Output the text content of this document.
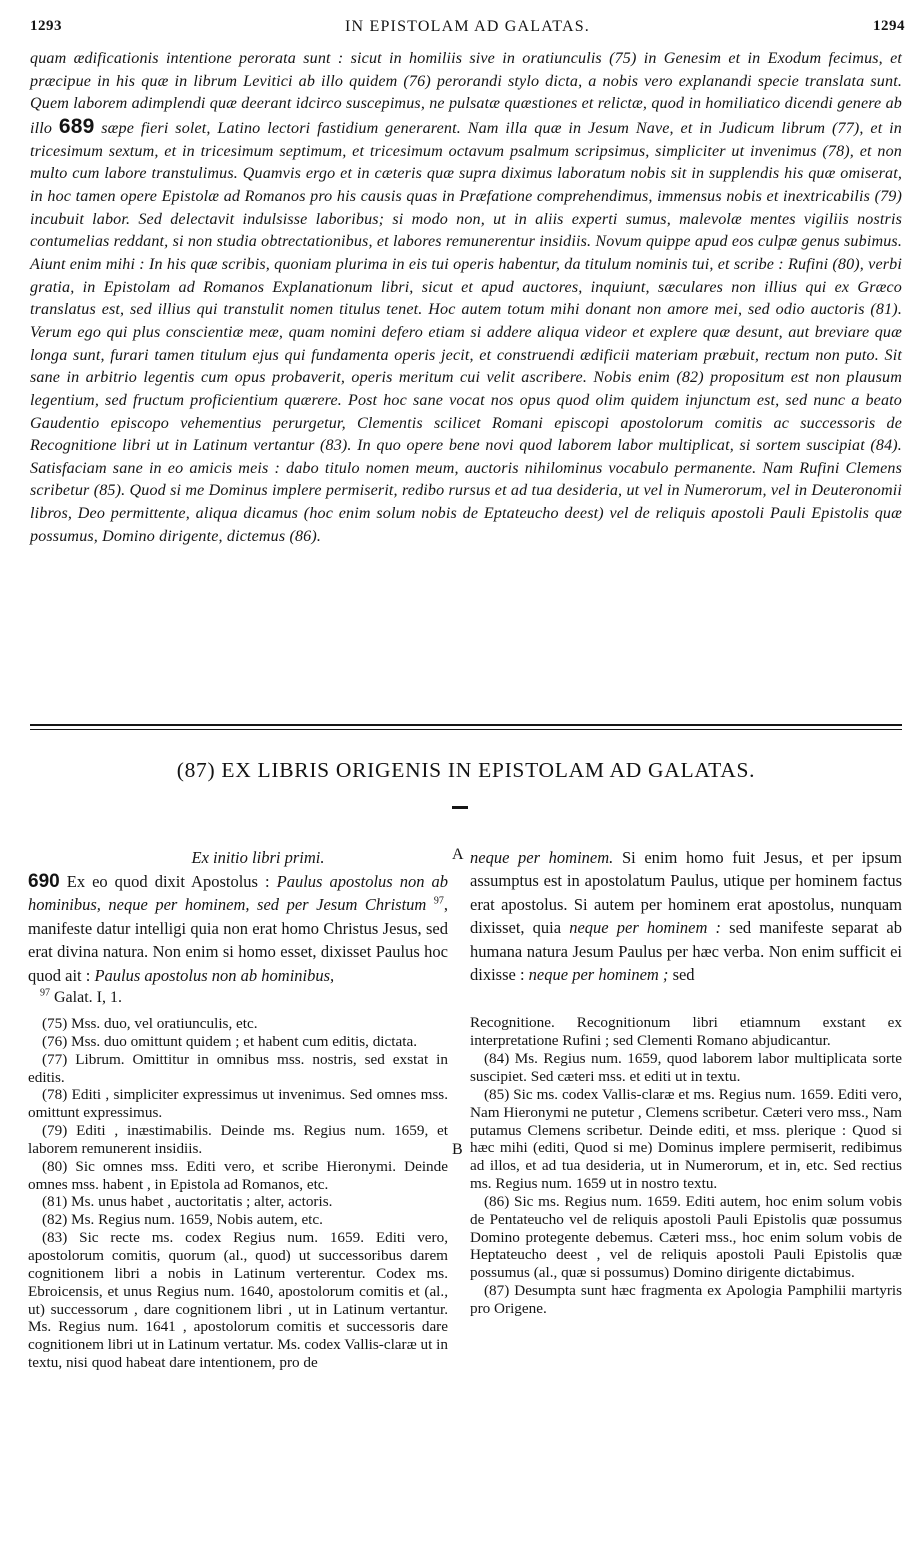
1293	IN EPISTOLAM AD GALATAS.	1294

quam ædificationis intentione perorata sunt : sicut in homiliis sive in oratiunculis (75) in Genesim et in Exodum fecimus, et præcipue in his quæ in librum Levitici ab illo quidem (76) perorandi stylo dicta, a nobis vero explanandi specie translata sunt. Quem laborem adimplendi quæ deerant idcirco suscepimus, ne pulsatæ quæstiones et relictæ, quod in homiliatico dicendi genere ab illo 689 sæpe fieri solet, Latino lectori fastidium generarent. Nam illa quæ in Jesum Nave, et in Judicum librum (77), et in tricesimum sextum, et in tricesimum septimum, et tricesimum octavum psalmum scripsimus, simpliciter ut invenimus (78), et non multo cum labore transtulimus. Quamvis ergo et in cæteris quæ supra diximus laboratum nobis sit in supplendis his quæ omiserat, in hoc tamen opere Epistolæ ad Romanos pro his causis quas in Præfatione comprehendimus, immensus nobis et inextricabilis (79) incubuit labor. Sed delectavit indulsisse laboribus; si modo non, ut in aliis experti sumus, malevolæ mentes vigiliis nostris contumelias reddant, si non studia obtrectationibus, et labores remunerentur insidiis. Novum quippe apud eos culpæ genus subimus. Aiunt enim mihi : In his quæ scribis, quoniam plurima in eis tui operis habentur, da titulum nominis tui, et scribe : Rufini (80), verbi gratia, in Epistolam ad Romanos Explanationum libri, sicut et apud auctores, inquiunt, sæculares non illius qui ex Græco translatus est, sed illius qui transtulit nomen titulus tenet. Hoc autem totum mihi donant non amore mei, sed odio auctoris (81). Verum ego qui plus conscientiæ meæ, quam nomini defero etiam si addere aliqua videor et explere quæ desunt, aut breviare quæ longa sunt, furari tamen titulum ejus qui fundamenta operis jecit, et construendi ædificii materiam præbuit, rectum non puto. Sit sane in arbitrio legentis cum opus probaverit, operis meritum cui velit ascribere. Nobis enim (82) propositum est non plausum legentium, sed fructum proficientium quærere. Post hoc sane vocat nos opus quod olim quidem injunctum est, sed nunc a beato Gaudentio episcopo vehementius perurgetur, Clementis scilicet Romani episcopi apostolorum comitis ac successoris de Recognitione libri ut in Latinum vertantur (83). In quo opere bene novi quod laborem labor multiplicat, si sortem suscipiat (84). Satisfaciam sane in eo amicis meis : dabo titulo nomen meum, auctoris nihilominus vocabulo permanente. Nam Rufini Clemens scribetur (85). Quod si me Dominus implere permiserit, redibo rursus et ad tua desideria, ut vel in Numerorum, vel in Deuteronomii libros, Deo permittente, aliqua dicamus (hoc enim solum nobis de Eptateucho deest) vel de reliquis apostoli Pauli Epistolis quæ possumus, Domino dirigente, dictemus (86).

(87) EX LIBRIS ORIGENIS IN EPISTOLAM AD GALATAS.

Ex initio libri primi.

690 Ex eo quod dixit Apostolus : Paulus apostolus non ab hominibus, neque per hominem, sed per Jesum Christum $^{97}$, manifeste datur intelligi quia non erat homo Christus Jesus, sed erat divina natura. Non enim si homo esset, dixisset Paulus hoc quod ait : Paulus apostolus non ab hominibus,

$^{97}$ Galat. I, 1.

(75) Mss. duo, vel oratiunculis, etc.

(76) Mss. duo omittunt quidem ; et habent cum editis, dictata.

(77) Librum. Omittitur in omnibus mss. nostris, sed exstat in editis.

(78) Editi , simpliciter expressimus ut invenimus. Sed omnes mss. omittunt expressimus.

(79) Editi , inæstimabilis. Deinde ms. Regius num. 1659, et laborem remunerent insidiis.

(80) Sic omnes mss. Editi vero, et scribe Hieronymi. Deinde omnes mss. habent , in Epistola ad Romanos, etc.

(81) Ms. unus habet , auctoritatis ; alter, actoris.

(82) Ms. Regius num. 1659, Nobis autem, etc.

(83) Sic recte ms. codex Regius num. 1659. Editi vero, apostolorum comitis, quorum (al., quod) ut successoribus darem cognitionem libri a nobis in Latinum verterentur. Codex ms. Ebroicensis, et unus Regius num. 1640, apostolorum comitis et (al., ut) successorum , dare cognitionem libri , ut in Latinum vertantur. Ms. Regius num. 1641 , apostolorum comitis et successoris dare cognitionem libri ut in Latinum vertatur. Ms. codex Vallis-claræ ut in textu, nisi quod habeat dare intentionem, pro de

A
B

neque per hominem. Si enim homo fuit Jesus, et per ipsum assumptus est in apostolatum Paulus, utique per hominem factus erat apostolus. Si autem per hominem erat apostolus, nunquam dixisset, quia neque per hominem : sed manifeste separat ab humana natura Jesum Paulus per hæc verba. Non enim sufficit ei dixisse : neque per hominem ; sed

Recognitione. Recognitionum libri etiamnum exstant ex interpretatione Rufini ; sed Clementi Romano abjudicantur.

(84) Ms. Regius num. 1659, quod laborem labor multiplicata sorte suscipiet. Sed cæteri mss. et editi ut in textu.

(85) Sic ms. codex Vallis-claræ et ms. Regius num. 1659. Editi vero, Nam Hieronymi ne putetur , Clemens scribetur. Cæteri vero mss., Nam putamus Clemens scribetur. Deinde editi, et mss. plerique : Quod si hæc mihi (editi, Quod si me) Dominus implere permiserit, redibimus ad illos, et ad tua desideria, ut in Numerorum, et in, etc. Sed rectius ms. Regius num. 1659 ut in nostro textu.

(86) Sic ms. Regius num. 1659. Editi autem, hoc enim solum vobis de Pentateucho vel de reliquis apostoli Pauli Epistolis quæ possumus Domino protegente debemus. Cæteri mss., hoc enim solum vobis de Heptateucho deest , vel de reliquis apostoli Pauli Epistolis quæ possumus (al., quæ si possumus) Domino dirigente dictabimus.

(87) Desumpta sunt hæc fragmenta ex Apologia Pamphilii martyris pro Origene.
